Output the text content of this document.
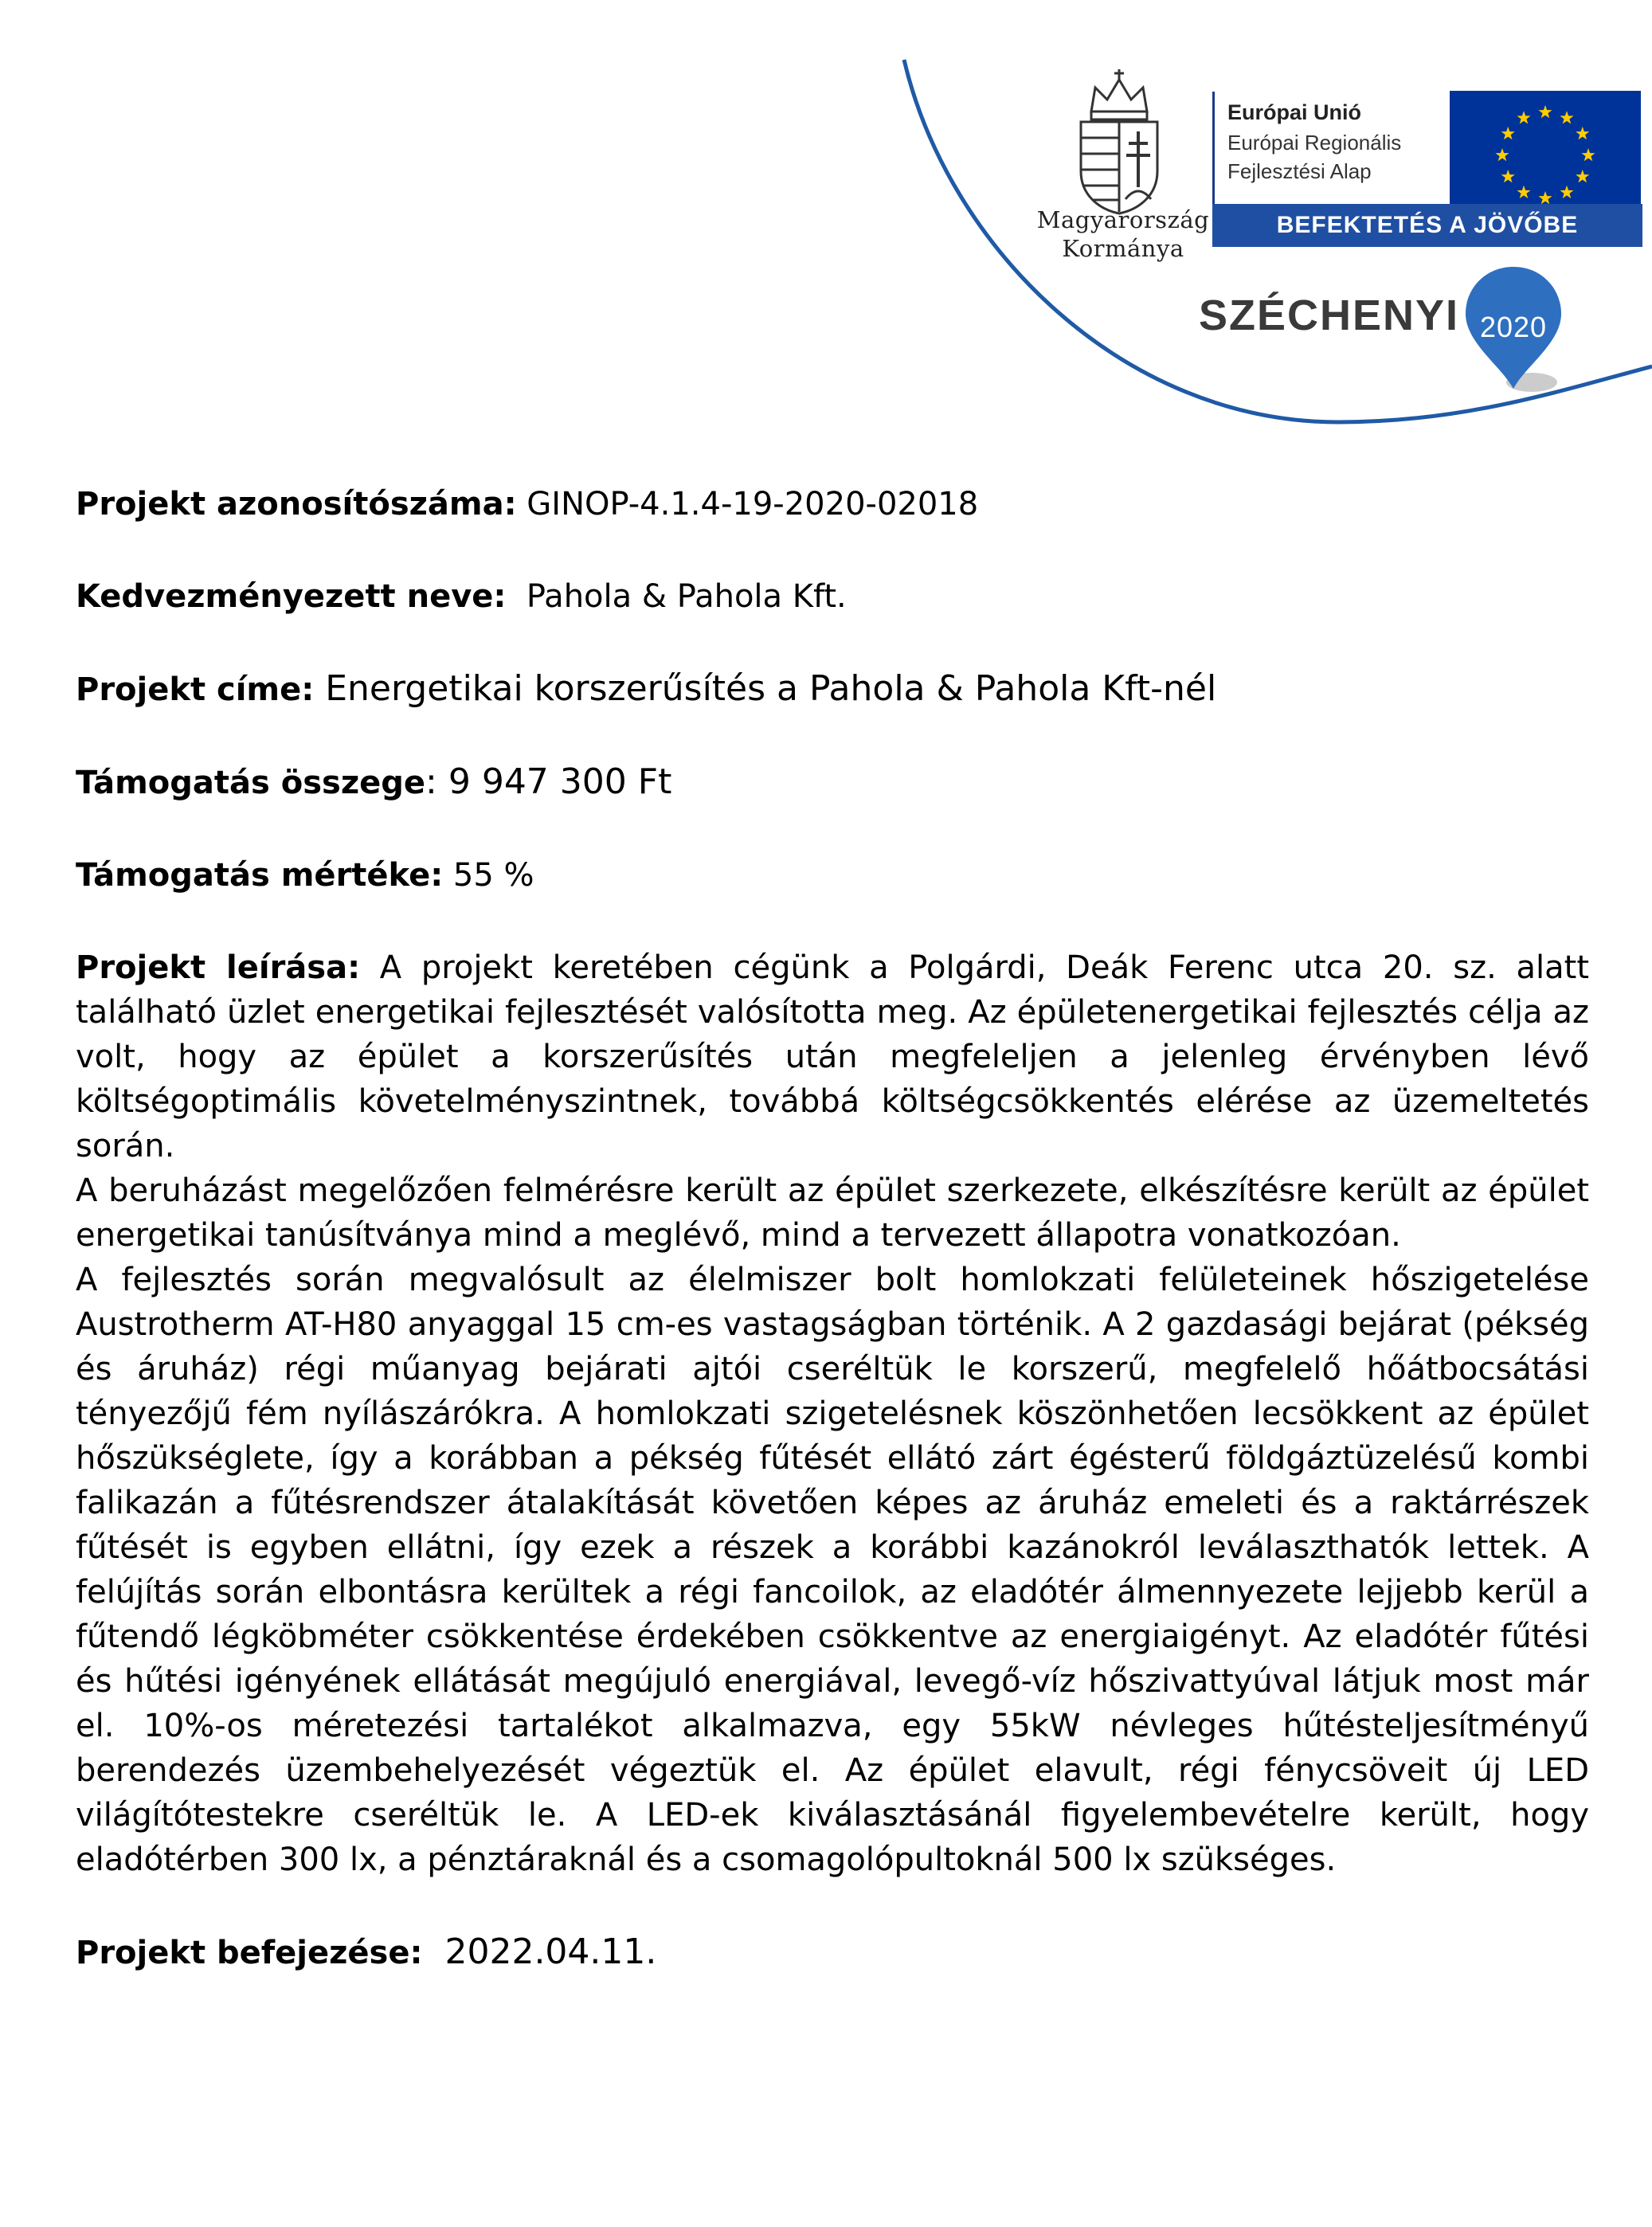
Magyarország
Kormánya
Európai Unió
Európai Regionális
Fejlesztési Alap
BEFEKTETÉS A JÖVŐBE
SZÉCHENYI 2020

Projekt azonosítószáma: GINOP-4.1.4-19-2020-02018

Kedvezményezett neve:  Pahola & Pahola Kft.

Projekt címe: Energetikai korszerűsítés a Pahola & Pahola Kft-nél

Támogatás összege: 9 947 300 Ft

Támogatás mértéke: 55 %

Projekt leírása: A projekt keretében cégünk a Polgárdi, Deák Ferenc utca 20. sz. alatt található üzlet energetikai fejlesztését valósította meg. Az épületenergetikai fejlesztés célja az volt, hogy az épület a korszerűsítés után megfeleljen a jelenleg érvényben lévő költségoptimális követelményszintnek, továbbá költségcsökkentés elérése az üzemeltetés során.

A beruházást megelőzően felmérésre került az épület szerkezete, elkészítésre került az épület energetikai tanúsítványa mind a meglévő, mind a tervezett állapotra vonatkozóan.

A fejlesztés során megvalósult az élelmiszer bolt homlokzati felületeinek hőszigetelése Austrotherm AT-H80 anyaggal 15 cm-es vastagságban történik. A 2 gazdasági bejárat (pékség és áruház) régi műanyag bejárati ajtói cseréltük le korszerű, megfelelő hőátbocsátási tényezőjű fém nyílászárókra. A homlokzati szigetelésnek köszönhetően lecsökkent az épület hőszükséglete, így a korábban a pékség fűtését ellátó zárt égésterű földgáztüzelésű kombi falikazán a fűtésrendszer átalakítását követően képes az áruház emeleti és a raktárrészek fűtését is egyben ellátni, így ezek a részek a korábbi kazánokról leválaszthatók lettek. A felújítás során elbontásra kerültek a régi fancoilok, az eladótér álmennyezete lejjebb kerül a fűtendő légköbméter csökkentése érdekében csökkentve az energiaigényt. Az eladótér fűtési és hűtési igényének ellátását megújuló energiával, levegő-víz hőszivattyúval látjuk most már el. 10%-os méretezési tartalékot alkalmazva, egy 55kW névleges hűtésteljesítményű berendezés üzembehelyezését végeztük el. Az épület elavult, régi fénycsöveit új LED világítótestekre cseréltük le. A LED-ek kiválasztásánál figyelembevételre került, hogy eladótérben 300 lx, a pénztáraknál és a csomagolópultoknál 500 lx szükséges.

Projekt befejezése:  2022.04.11.
